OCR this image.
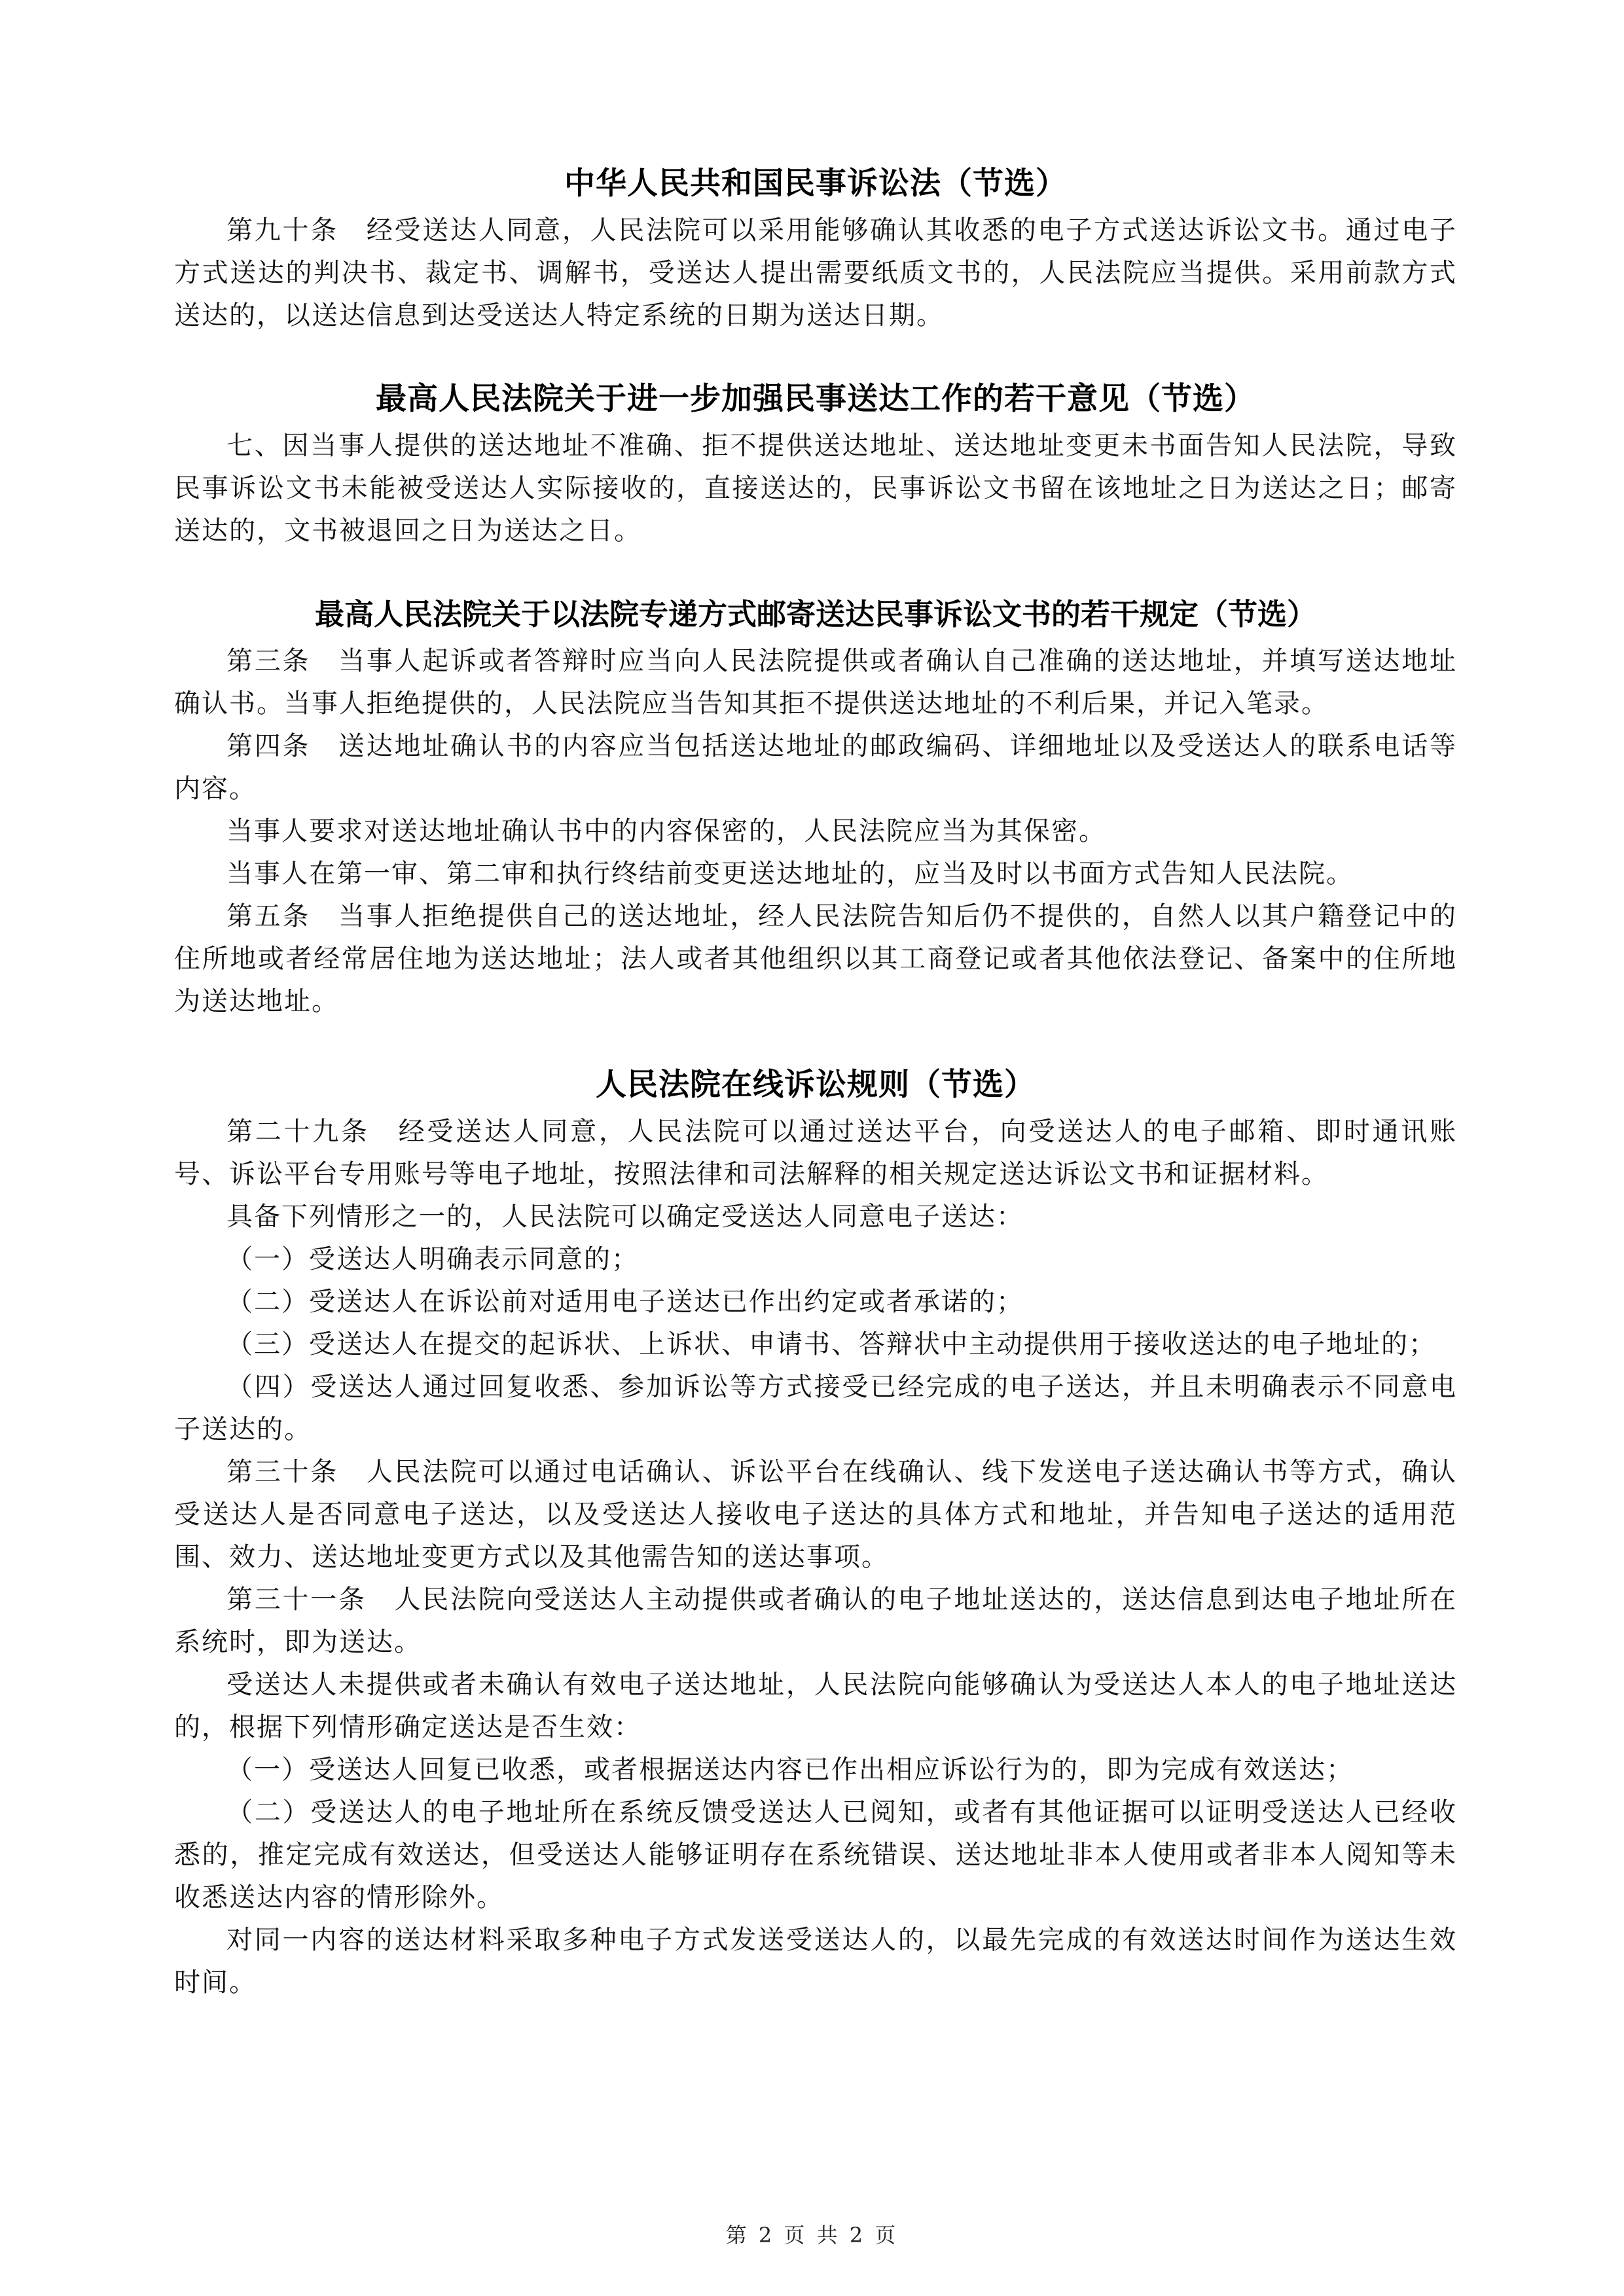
中华人民共和国民事诉讼法（节选）

第九十条　经受送达人同意，人民法院可以采用能够确认其收悉的电子方式送达诉讼文书。通过电子方式送达的判决书、裁定书、调解书，受送达人提出需要纸质文书的，人民法院应当提供。采用前款方式送达的，以送达信息到达受送达人特定系统的日期为送达日期。

最高人民法院关于进一步加强民事送达工作的若干意见（节选）

七、因当事人提供的送达地址不准确、拒不提供送达地址、送达地址变更未书面告知人民法院，导致民事诉讼文书未能被受送达人实际接收的，直接送达的，民事诉讼文书留在该地址之日为送达之日；邮寄送达的，文书被退回之日为送达之日。

最高人民法院关于以法院专递方式邮寄送达民事诉讼文书的若干规定（节选）

第三条　当事人起诉或者答辩时应当向人民法院提供或者确认自己准确的送达地址，并填写送达地址确认书。当事人拒绝提供的，人民法院应当告知其拒不提供送达地址的不利后果，并记入笔录。

第四条　送达地址确认书的内容应当包括送达地址的邮政编码、详细地址以及受送达人的联系电话等内容。

当事人要求对送达地址确认书中的内容保密的，人民法院应当为其保密。

当事人在第一审、第二审和执行终结前变更送达地址的，应当及时以书面方式告知人民法院。

第五条　当事人拒绝提供自己的送达地址，经人民法院告知后仍不提供的，自然人以其户籍登记中的住所地或者经常居住地为送达地址；法人或者其他组织以其工商登记或者其他依法登记、备案中的住所地为送达地址。

人民法院在线诉讼规则（节选）

第二十九条　经受送达人同意，人民法院可以通过送达平台，向受送达人的电子邮箱、即时通讯账号、诉讼平台专用账号等电子地址，按照法律和司法解释的相关规定送达诉讼文书和证据材料。

具备下列情形之一的，人民法院可以确定受送达人同意电子送达：

（一）受送达人明确表示同意的；

（二）受送达人在诉讼前对适用电子送达已作出约定或者承诺的；

（三）受送达人在提交的起诉状、上诉状、申请书、答辩状中主动提供用于接收送达的电子地址的；

（四）受送达人通过回复收悉、参加诉讼等方式接受已经完成的电子送达，并且未明确表示不同意电子送达的。

第三十条　人民法院可以通过电话确认、诉讼平台在线确认、线下发送电子送达确认书等方式，确认受送达人是否同意电子送达，以及受送达人接收电子送达的具体方式和地址，并告知电子送达的适用范围、效力、送达地址变更方式以及其他需告知的送达事项。

第三十一条　人民法院向受送达人主动提供或者确认的电子地址送达的，送达信息到达电子地址所在系统时，即为送达。

受送达人未提供或者未确认有效电子送达地址，人民法院向能够确认为受送达人本人的电子地址送达的，根据下列情形确定送达是否生效：

（一）受送达人回复已收悉，或者根据送达内容已作出相应诉讼行为的，即为完成有效送达；

（二）受送达人的电子地址所在系统反馈受送达人已阅知，或者有其他证据可以证明受送达人已经收悉的，推定完成有效送达，但受送达人能够证明存在系统错误、送达地址非本人使用或者非本人阅知等未收悉送达内容的情形除外。

对同一内容的送达材料采取多种电子方式发送受送达人的，以最先完成的有效送达时间作为送达生效时间。

第 2 页 共 2 页
